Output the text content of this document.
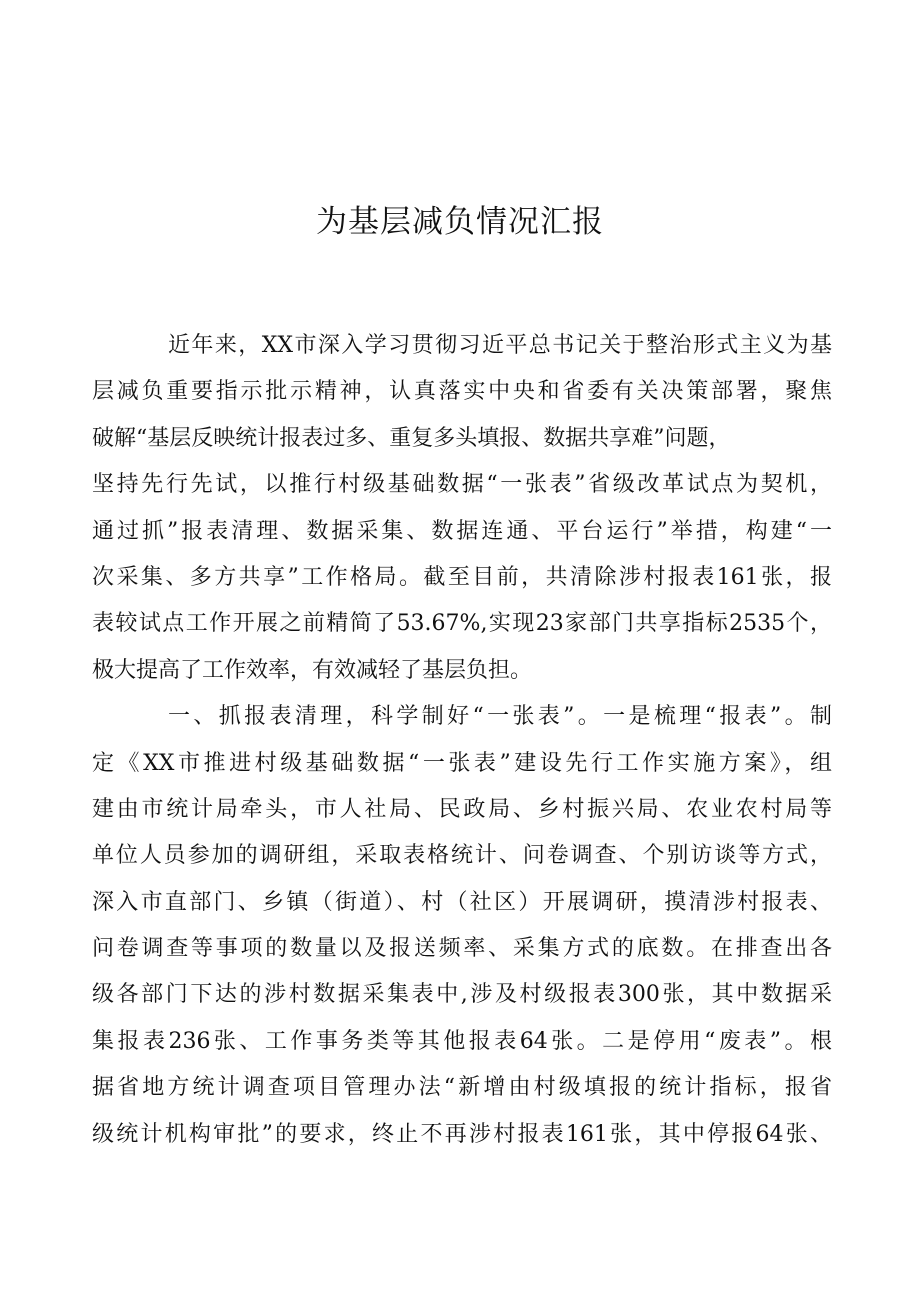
为基层减负情况汇报
近年来，XX市深入学习贯彻习近平总书记关于整治形式主义为基
层减负重要指示批示精神，认真落实中央和省委有关决策部署，聚焦
破解“基层反映统计报表过多、重复多头填报、数据共享难”问题，
坚持先行先试，以推行村级基础数据“一张表”省级改革试点为契机，
通过抓”报表清理、数据采集、数据连通、平台运行”举措，构建“一
次采集、多方共享”工作格局。截至目前，共清除涉村报表161张，报
表较试点工作开展之前精简了53.67%,实现23家部门共享指标2535个，
极大提高了工作效率，有效减轻了基层负担。
一、抓报表清理，科学制好“一张表”。一是梳理“报表”。制
定《XX市推进村级基础数据“一张表”建设先行工作实施方案》，组
建由市统计局牵头，市人社局、民政局、乡村振兴局、农业农村局等
单位人员参加的调研组，采取表格统计、问卷调查、个别访谈等方式，
深入市直部门、乡镇（街道）、村（社区）开展调研，摸清涉村报表、
问卷调查等事项的数量以及报送频率、采集方式的底数。在排查出各
级各部门下达的涉村数据采集表中,涉及村级报表300张，其中数据采
集报表236张、工作事务类等其他报表64张。二是停用“废表”。根
据省地方统计调查项目管理办法“新增由村级填报的统计指标，报省
级统计机构审批”的要求，终止不再涉村报表161张，其中停报64张、
